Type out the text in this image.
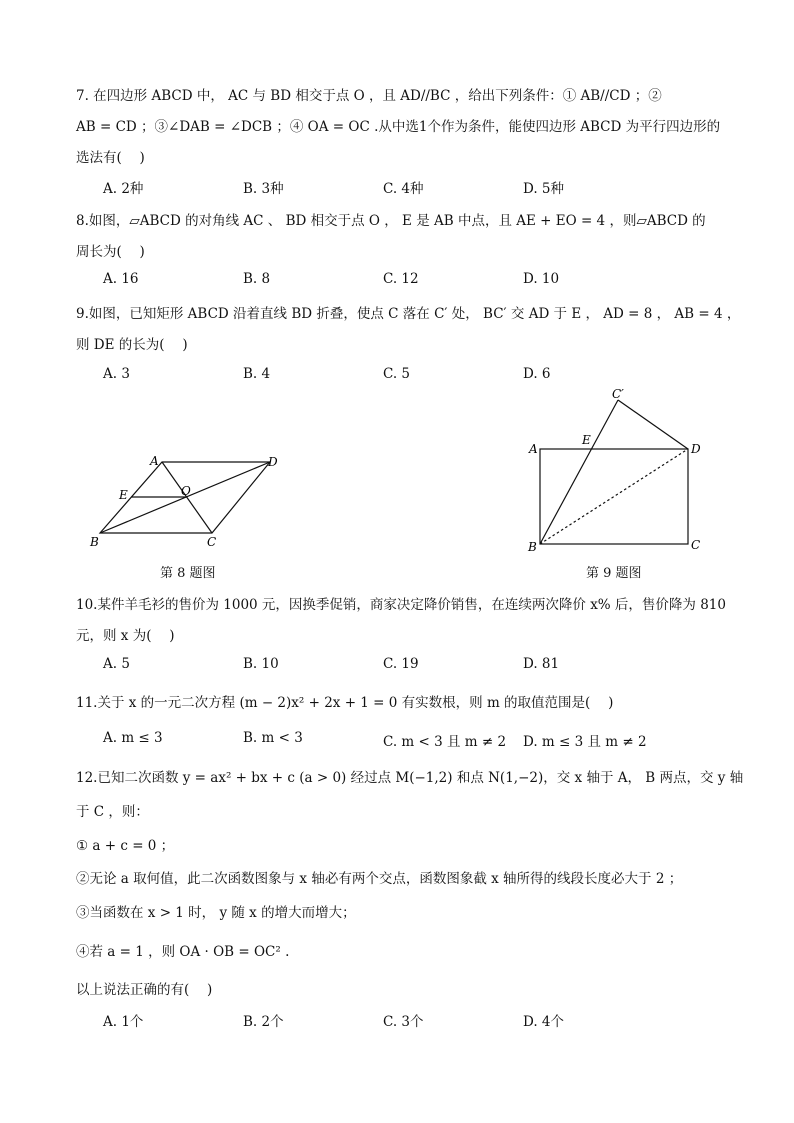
7. 在四边形 ABCD 中， AC 与 BD 相交于点 O ，且 AD//BC ，给出下列条件：① AB//CD ；②
AB = CD ；③∠DAB = ∠DCB ；④ OA = OC .从中选1个作为条件，能使四边形 ABCD 为平行四边形的
选法有(　 )
A. 2种	B. 3种	C. 4种	D. 5种
8.如图，▱ABCD 的对角线 AC 、 BD 相交于点 O ， E 是 AB 中点，且 AE + EO = 4 ，则▱ABCD 的
周长为(　 )
A. 16	B. 8	C. 12	D. 10
9.如图，已知矩形 ABCD 沿着直线 BD 折叠，使点 C 落在 C′ 处， BC′ 交 AD 于 E ， AD = 8 ， AB = 4 ，
则 DE 的长为(　 )
A. 3	B. 4	C. 5	D. 6
A	D
B	C
E	O
第 8 题图
A	D
B	C
E
C′
第 9 题图
10.某件羊毛衫的售价为 1000 元，因换季促销，商家决定降价销售，在连续两次降价 x% 后，售价降为 810
元，则 x 为(　 )
A. 5	B. 10	C. 19	D. 81
11.关于 x 的一元二次方程 (m − 2)x² + 2x + 1 = 0 有实数根，则 m 的取值范围是(　 )
A. m ≤ 3	B. m < 3	C. m < 3 且 m ≠ 2 D. m ≤ 3 且 m ≠ 2
12.已知二次函数 y = ax² + bx + c (a > 0) 经过点 M(−1,2) 和点 N(1,−2)，交 x 轴于 A， B 两点，交 y 轴
于 C ，则：
① a + c = 0 ；
②无论 a 取何值，此二次函数图象与 x 轴必有两个交点，函数图象截 x 轴所得的线段长度必大于 2 ；
③当函数在 x > 1 时， y 随 x 的增大而增大；
④若 a = 1 ，则 OA · OB = OC² .
以上说法正确的有(　 )
A. 1个	B. 2个	C. 3个	D. 4个
